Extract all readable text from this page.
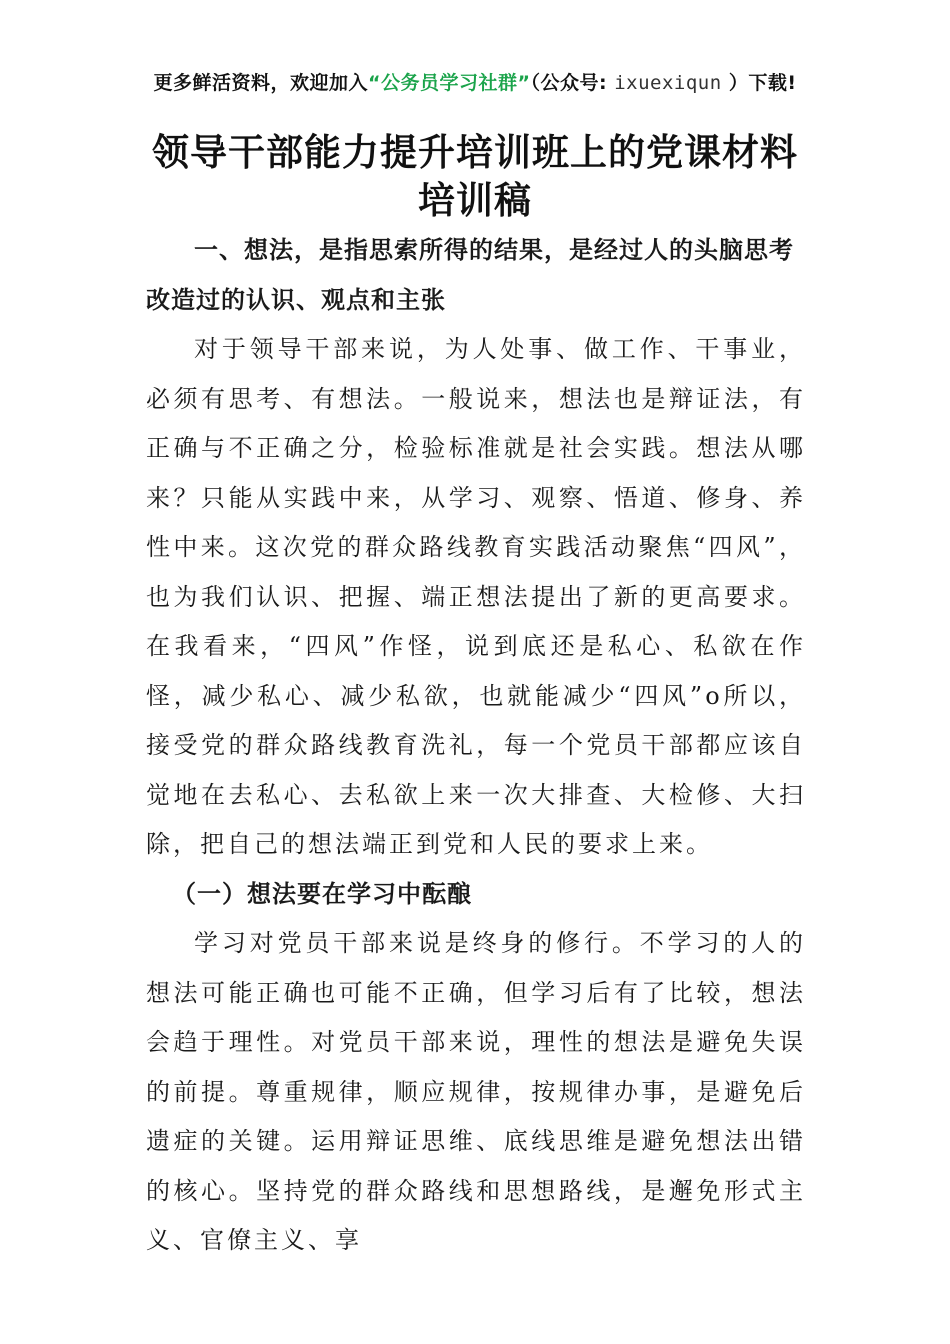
更多鲜活资料，欢迎加入“公务员学习社群”（公众号: ixuexiqun ）下载!
领导干部能力提升培训班上的党课材料培训稿

一、想法，是指思索所得的结果，是经过人的头脑思考改造过的认识、观点和主张

对于领导干部来说，为人处事、做工作、干事业，必须有思考、有想法。一般说来，想法也是辩证法，有正确与不正确之分，检验标准就是社会实践。想法从哪来？只能从实践中来，从学习、观察、悟道、修身、养性中来。这次党的群众路线教育实践活动聚焦“四风”，也为我们认识、把握、端正想法提出了新的更高要求。在我看来，“四风”作怪，说到底还是私心、私欲在作怪，减少私心、减少私欲，也就能减少“四风”o所以，接受党的群众路线教育洗礼，每一个党员干部都应该自觉地在去私心、去私欲上来一次大排查、大检修、大扫除，把自己的想法端正到党和人民的要求上来。

（一）想法要在学习中酝酿

学习对党员干部来说是终身的修行。不学习的人的想法可能正确也可能不正确，但学习后有了比较，想法会趋于理性。对党员干部来说，理性的想法是避免失误的前提。尊重规律，顺应规律，按规律办事，是避免后遗症的关键。运用辩证思维、底线思维是避免想法出错的核心。坚持党的群众路线和思想路线，是邂免形式主义、官僚主义、享
